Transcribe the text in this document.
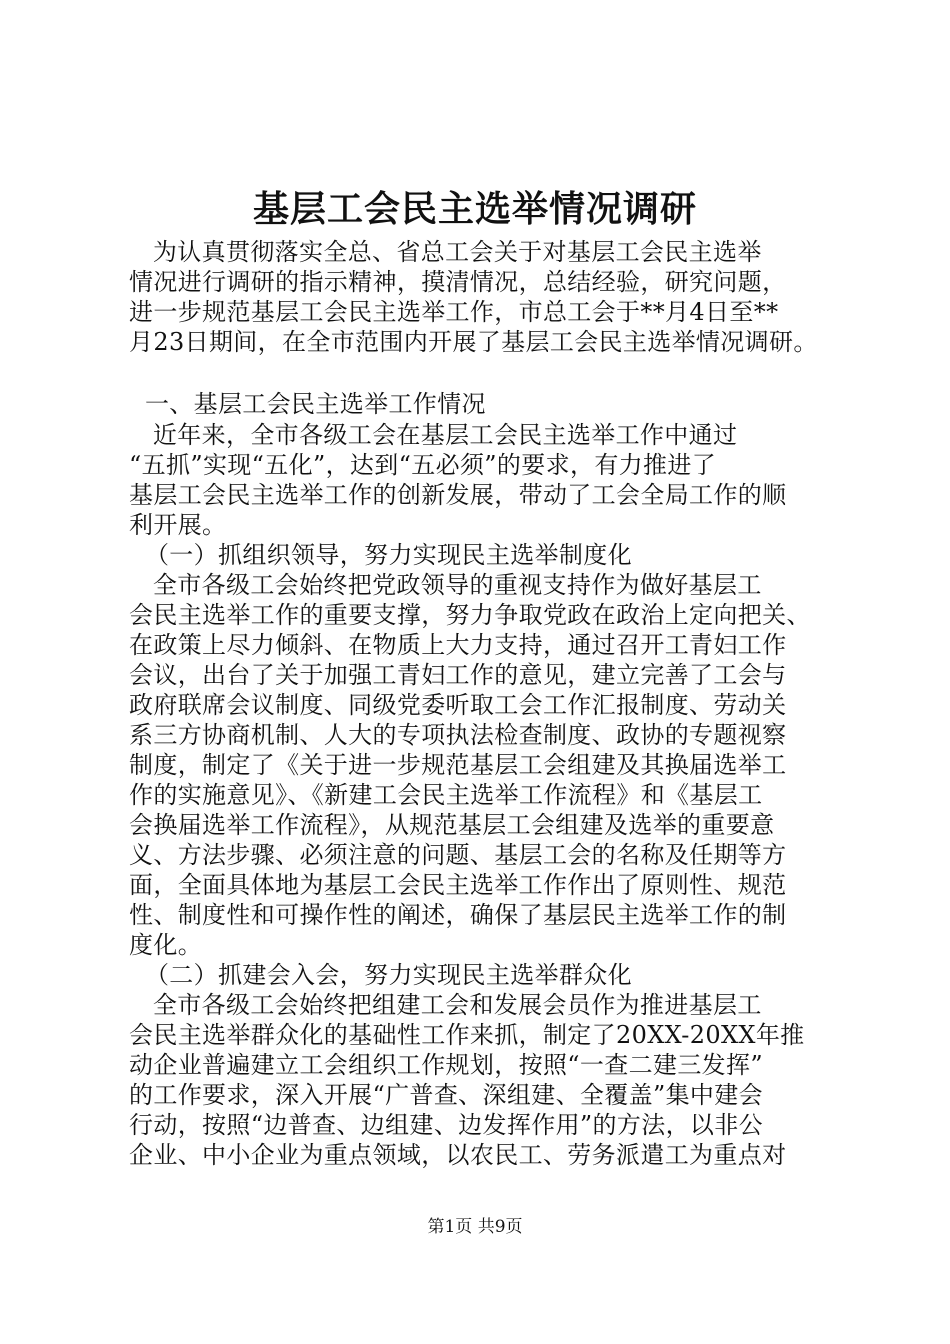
基层工会民主选举情况调研
为认真贯彻落实全总、省总工会关于对基层工会民主选举
情况进行调研的指示精神，摸清情况，总结经验，研究问题，
进一步规范基层工会民主选举工作，市总工会于**月4日至**
月23日期间，在全市范围内开展了基层工会民主选举情况调研。
一、基层工会民主选举工作情况
近年来，全市各级工会在基层工会民主选举工作中通过
“五抓”实现“五化”，达到“五必须”的要求，有力推进了
基层工会民主选举工作的创新发展，带动了工会全局工作的顺
利开展。
（一）抓组织领导，努力实现民主选举制度化
全市各级工会始终把党政领导的重视支持作为做好基层工
会民主选举工作的重要支撑，努力争取党政在政治上定向把关、
在政策上尽力倾斜、在物质上大力支持，通过召开工青妇工作
会议，出台了关于加强工青妇工作的意见，建立完善了工会与
政府联席会议制度、同级党委听取工会工作汇报制度、劳动关
系三方协商机制、人大的专项执法检查制度、政协的专题视察
制度，制定了《关于进一步规范基层工会组建及其换届选举工
作的实施意见》、《新建工会民主选举工作流程》和《基层工
会换届选举工作流程》，从规范基层工会组建及选举的重要意
义、方法步骤、必须注意的问题、基层工会的名称及任期等方
面，全面具体地为基层工会民主选举工作作出了原则性、规范
性、制度性和可操作性的阐述，确保了基层民主选举工作的制
度化。
（二）抓建会入会，努力实现民主选举群众化
全市各级工会始终把组建工会和发展会员作为推进基层工
会民主选举群众化的基础性工作来抓，制定了20XX-20XX年推
动企业普遍建立工会组织工作规划，按照“一查二建三发挥”
的工作要求，深入开展“广普查、深组建、全覆盖”集中建会
行动，按照“边普查、边组建、边发挥作用”的方法，以非公
企业、中小企业为重点领域，以农民工、劳务派遣工为重点对
第1页 共9页
